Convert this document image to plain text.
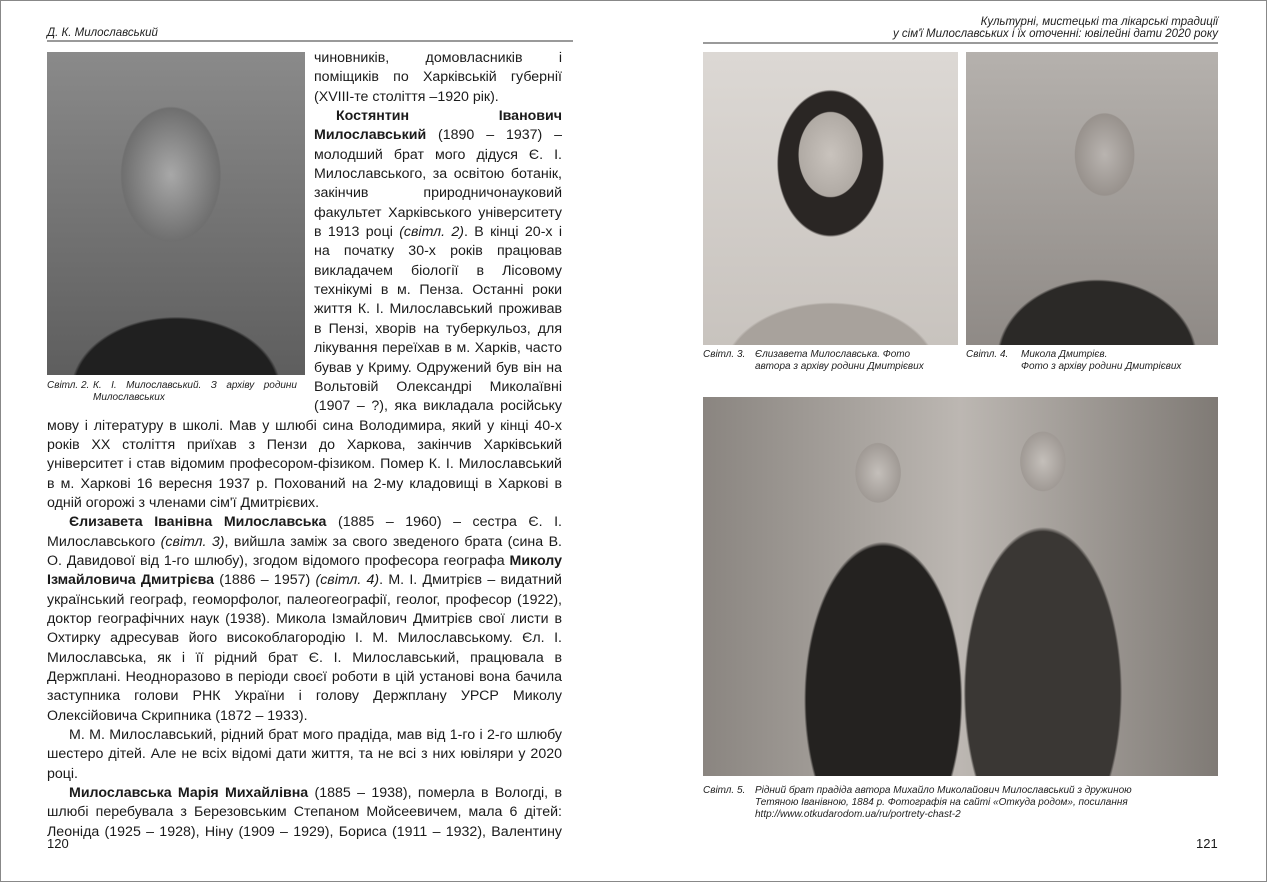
Д. К. Милославський
Світл. 2. К. І. Милославський. З архіву родини Милославських

чиновників, домовласників і поміщиків по Харківській губернії (XVIII-те століття –1920 рік).

Костянтин Іванович Милославський (1890 – 1937) – молодший брат мого дідуся Є. І. Милославського, за освітою ботанік, закінчив природничонауковий факультет Харківського університету в 1913 році (світл. 2). В кінці 20-х і на початку 30-х років працював викладачем біології в Лісовому технікумі в м. Пенза. Останні роки життя К. І. Милославський проживав в Пензі, хворів на туберкульоз, для лікування переїхав в м. Харків, часто бував у Криму. Одружений був він на Вольтовій Олександрі Миколаївні (1907 – ?), яка викладала російську мову і літературу в школі. Мав у шлюбі сина Володимира, який у кінці 40-х років XX століття приїхав з Пензи до Харкова, закінчив Харківський університет і став відомим професором-фізиком. Помер К. І. Милославський в м. Харкові 16 вересня 1937 р. Похований на 2-му кладовищі в Харкові в одній огорожі з членами сім'ї Дмитрієвих.

Єлизавета Іванівна Милославська (1885 – 1960) – сестра Є. І. Милославського (світл. 3), вийшла заміж за свого зведеного брата (сина В. О. Давидової від 1-го шлюбу), згодом відомого професора географа Миколу Ізмайловича Дмитрієва (1886 – 1957) (світл. 4). М. І. Дмитрієв – видатний український географ, геоморфолог, палеогеографії, геолог, професор (1922), доктор географічних наук (1938). Микола Ізмайлович Дмитрієв свої листи в Охтирку адресував його високоблагородію І. М. Милославському. Єл. І. Милославська, як і її рідний брат Є. І. Милославський, працювала в Держплані. Неодноразово в періоди своєї роботи в цій установі вона бачила заступника голови РНК України і голову Держплану УРСР Миколу Олексійовича Скрипника (1872 – 1933).

М. М. Милославський, рідний брат мого прадіда, мав від 1-го і 2-го шлюбу шестеро дітей. Але не всіх відомі дати життя, та не всі з них ювіляри у 2020 році.

Милославська Марія Михайлівна (1885 – 1938), померла в Вологді, в шлюбі перебувала з Березовським Степаном Мойсеевичем, мала 6 дітей: Леоніда (1925 – 1928), Ніну (1909 – 1929), Бориса (1911 – 1932), Валентину

120
Культурні, мистецькі та лікарські традиції
у сім'ї Милославських і їх оточенні: ювілейні дати 2020 року
Світл. 3. Єлизавета Милославська. Фото автора з архіву родини Дмитрієвих
Світл. 4.	Микола Дмитрієв.
Фото з архіву родини Дмитрієвих
Світл. 5. Рідний брат прадіда автора Михайло Миколайович Милославський з дружиною Тетяною Іванівною, 1884 р. Фотографія на сайті «Откуда родом», посилання http://www.otkudarodom.ua/ru/portrety-chast-2
121
